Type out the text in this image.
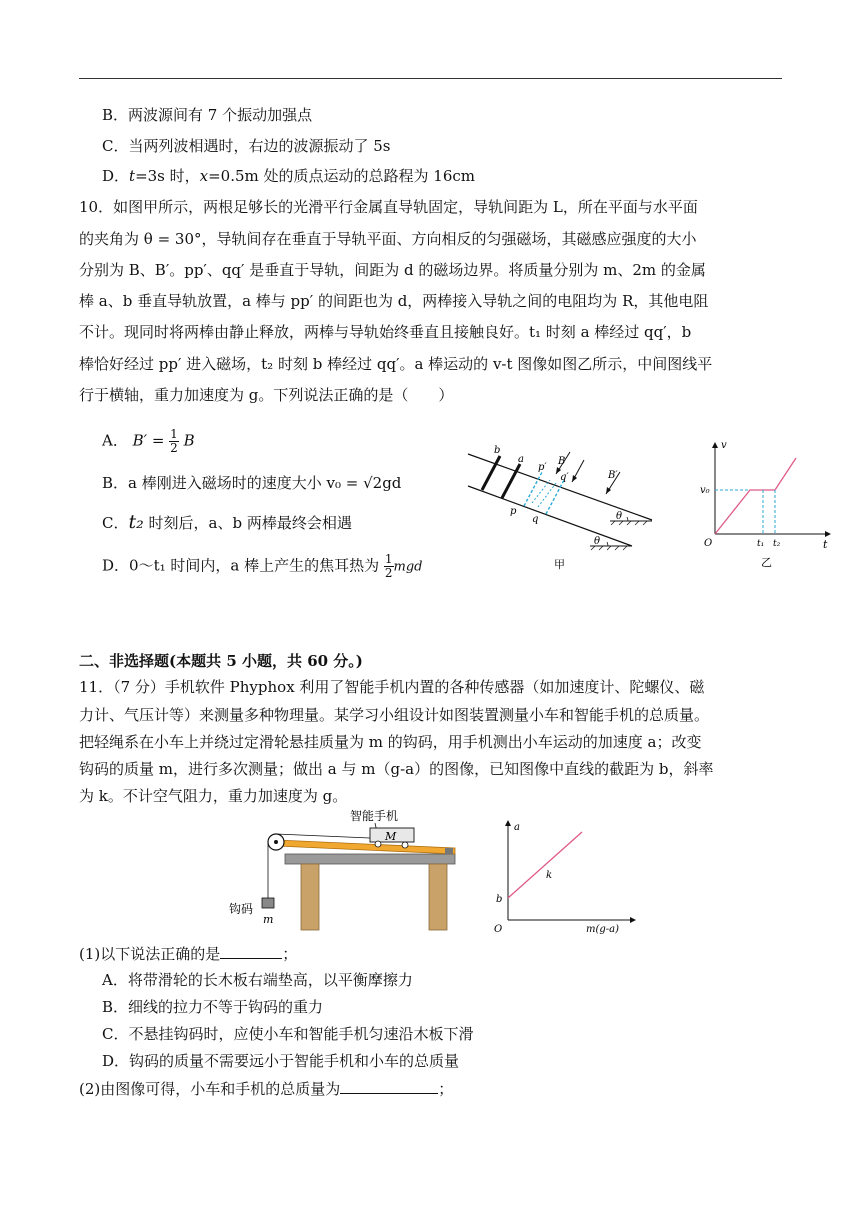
B．两波源间有 7 个振动加强点
C．当两列波相遇时，右边的波源振动了 5s
D．t=3s 时，x=0.5m 处的质点运动的总路程为 16cm
10．如图甲所示，两根足够长的光滑平行金属直导轨固定，导轨间距为 L，所在平面与水平面
的夹角为 θ = 30°，导轨间存在垂直于导轨平面、方向相反的匀强磁场，其磁感应强度的大小
分别为 B、B′。pp′、qq′ 是垂直于导轨，间距为 d 的磁场边界。将质量分别为 m、2m 的金属
棒 a、b 垂直导轨放置，a 棒与 pp′ 的间距也为 d，两棒接入导轨之间的电阻均为 R，其他电阻
不计。现同时将两棒由静止释放，两棒与导轨始终垂直且接触良好。t₁ 时刻 a 棒经过 qq′，b
棒恰好经过 pp′ 进入磁场，t₂ 时刻 b 棒经过 qq′。a 棒运动的 v-t 图像如图乙所示，中间图线平
行于横轴，重力加速度为 g。下列说法正确的是（　　）
A． $B' = \frac{1}{2}$ B
B．a 棒刚进入磁场时的速度大小 v₀ = √2gd
C．t₂ 时刻后，a、b 两棒最终会相遇
D．0～t₁ 时间内，a 棒上产生的焦耳热为 $\frac{1}{2}$ mgd
b
a
p′
B
q′	B′
p
q	θ
θ
甲
v
t
v₀
O	t₁ t₂
乙
二、非选择题(本题共 5 小题，共 60 分。)
11．（7 分）手机软件 Phyphox 利用了智能手机内置的各种传感器（如加速度计、陀螺仪、磁
力计、气压计等）来测量多种物理量。某学习小组设计如图装置测量小车和智能手机的总质量。
把轻绳系在小车上并绕过定滑轮悬挂质量为 m 的钩码，用手机测出小车运动的加速度 a；改变
钩码的质量 m，进行多次测量；做出 a 与 m（g-a）的图像，已知图像中直线的截距为 b，斜率
为 k。不计空气阻力，重力加速度为 g。
智能手机
M
钩码
m
a
m(g-a)
O
b
k
(1)以下说法正确的是	；
A．将带滑轮的长木板右端垫高，以平衡摩擦力
B．细线的拉力不等于钩码的重力
C．不悬挂钩码时，应使小车和智能手机匀速沿木板下滑
D．钩码的质量不需要远小于智能手机和小车的总质量
(2)由图像可得，小车和手机的总质量为	；
